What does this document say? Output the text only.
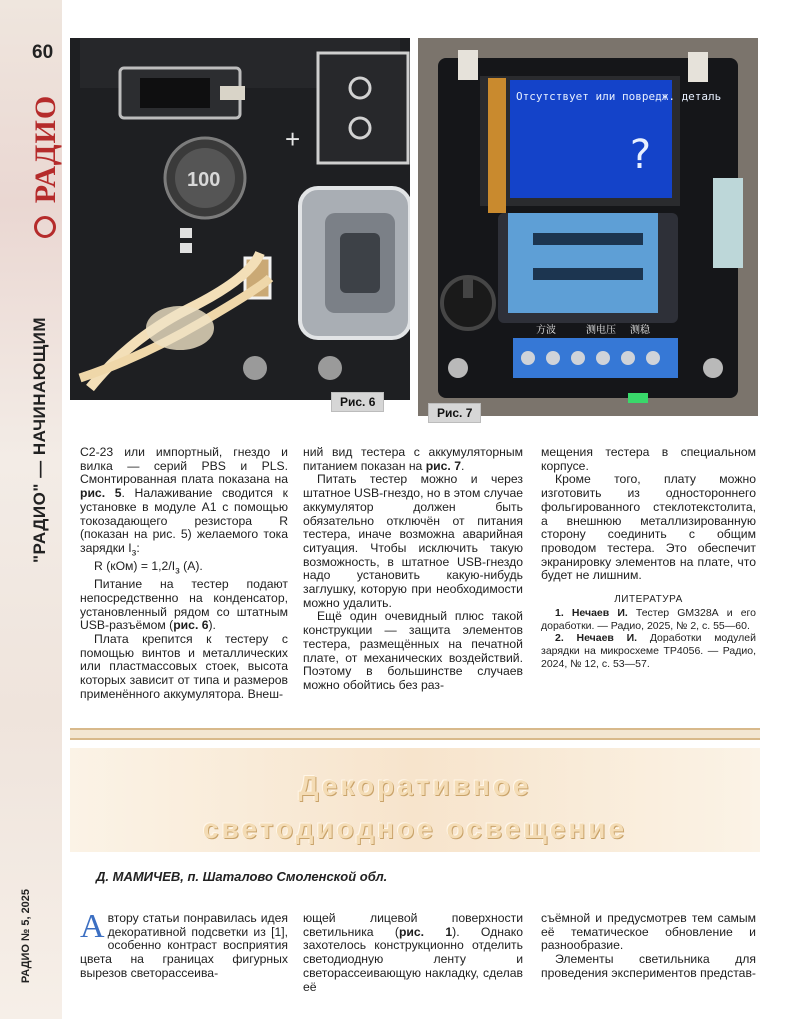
60
РАДИО
"РАДИО" — НАЧИНАЮЩИМ
РАДИО № 5, 2025
+
100
Рис. 6
Отсутствует или повредж. деталь
?
方波	测电压 测稳
Рис. 7

С2-23 или импортный, гнездо и вилка — серий PBS и PLS. Смонтированная плата показана на рис. 5. Налаживание сводится к установке в модуле А1 с помощью токозадающего резистора R (показан на рис. 5) желаемого тока зарядки $I_з$:

R $(кОм) = 1,2/I_з$ (А).

Питание на тестер подают непосредственно на конденсатор, установленный рядом со штатным USB-разъёмом (рис. 6).

Плата крепится к тестеру с помощью винтов и металлических или пластмассовых стоек, высота которых зависит от типа и размеров применённого аккумулятора. Внеш-

ний вид тестера с аккумуляторным питанием показан на рис. 7.

Питать тестер можно и через штатное USB-гнездо, но в этом случае аккумулятор должен быть обязательно отключён от питания тестера, иначе возможна аварийная ситуация. Чтобы исключить такую возможность, в штатное USB-гнездо надо установить какую-нибудь заглушку, которую при необходимости можно удалить.

Ещё один очевидный плюс такой конструкции — защита элементов тестера, размещённых на печатной плате, от механических воздействий. Поэтому в большинстве случаев можно обойтись без раз-

мещения тестера в специальном корпусе.

Кроме того, плату можно изготовить из одностороннего фольгированного стеклотекстолита, а внешнюю металлизированную сторону соединить с общим проводом тестера. Это обеспечит экранировку элементов на плате, что будет не лишним.

ЛИТЕРАТУРА

1. Нечаев И. Тестер GM328А и его доработки. — Радио, 2025, № 2, с. 55—60.

2. Нечаев И. Доработки модулей зарядки на микросхеме TP4056. — Радио, 2024, № 12, с. 53—57.

Декоративное
светодиодное освещение
Д. МАМИЧЕВ, п. Шаталово Смоленской обл.

Автору статьи понравилась идея декоративной подсветки из [1], особенно контраст восприятия цвета на границах фигурных вырезов светорассеива-

ющей лицевой поверхности светильника (рис. 1). Однако захотелось конструкционно отделить светодиодную ленту и светорассеивающую накладку, сделав её

съёмной и предусмотрев тем самым её тематическое обновление и разнообразие.

Элементы светильника для проведения экспериментов представ-
